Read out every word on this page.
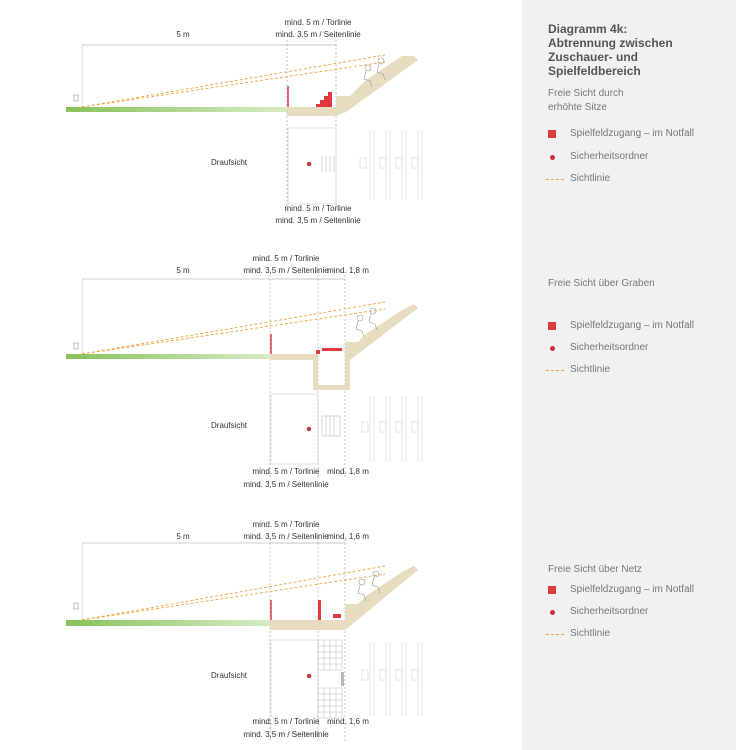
Diagramm 4k:
Abtrennung zwischen
Zuschauer- und
Spielfeldbereich
Freie Sicht durch
erhöhte Sitze
Spielfeldzugang – im Notfall
Sicherheitsordner
Sichtlinie
Freie Sicht über Graben
Spielfeldzugang – im Notfall
Sicherheitsordner
Sichtlinie
Freie Sicht über Netz
Spielfeldzugang – im Notfall
Sicherheitsordner
Sichtlinie
5 m
mind. 5 m / Torlinie
mind. 3,5 m / Seitenlinie
Draufsicht
mind. 5 m / Torlinie
mind. 3,5 m / Seitenlinie
5 m
mind. 5 m / Torlinie
mind. 3,5 m / Seitenlinie
mind. 1,8 m
Draufsicht
mind. 5 m / Torlinie
mind. 3,5 m / Seitenlinie
mind. 1,8 m
5 m
mind. 5 m / Torlinie
mind. 3,5 m / Seitenlinie
mind. 1,6 m
Draufsicht
mind. 5 m / Torlinie
mind. 3,5 m / Seitenlinie
mind. 1,6 m
